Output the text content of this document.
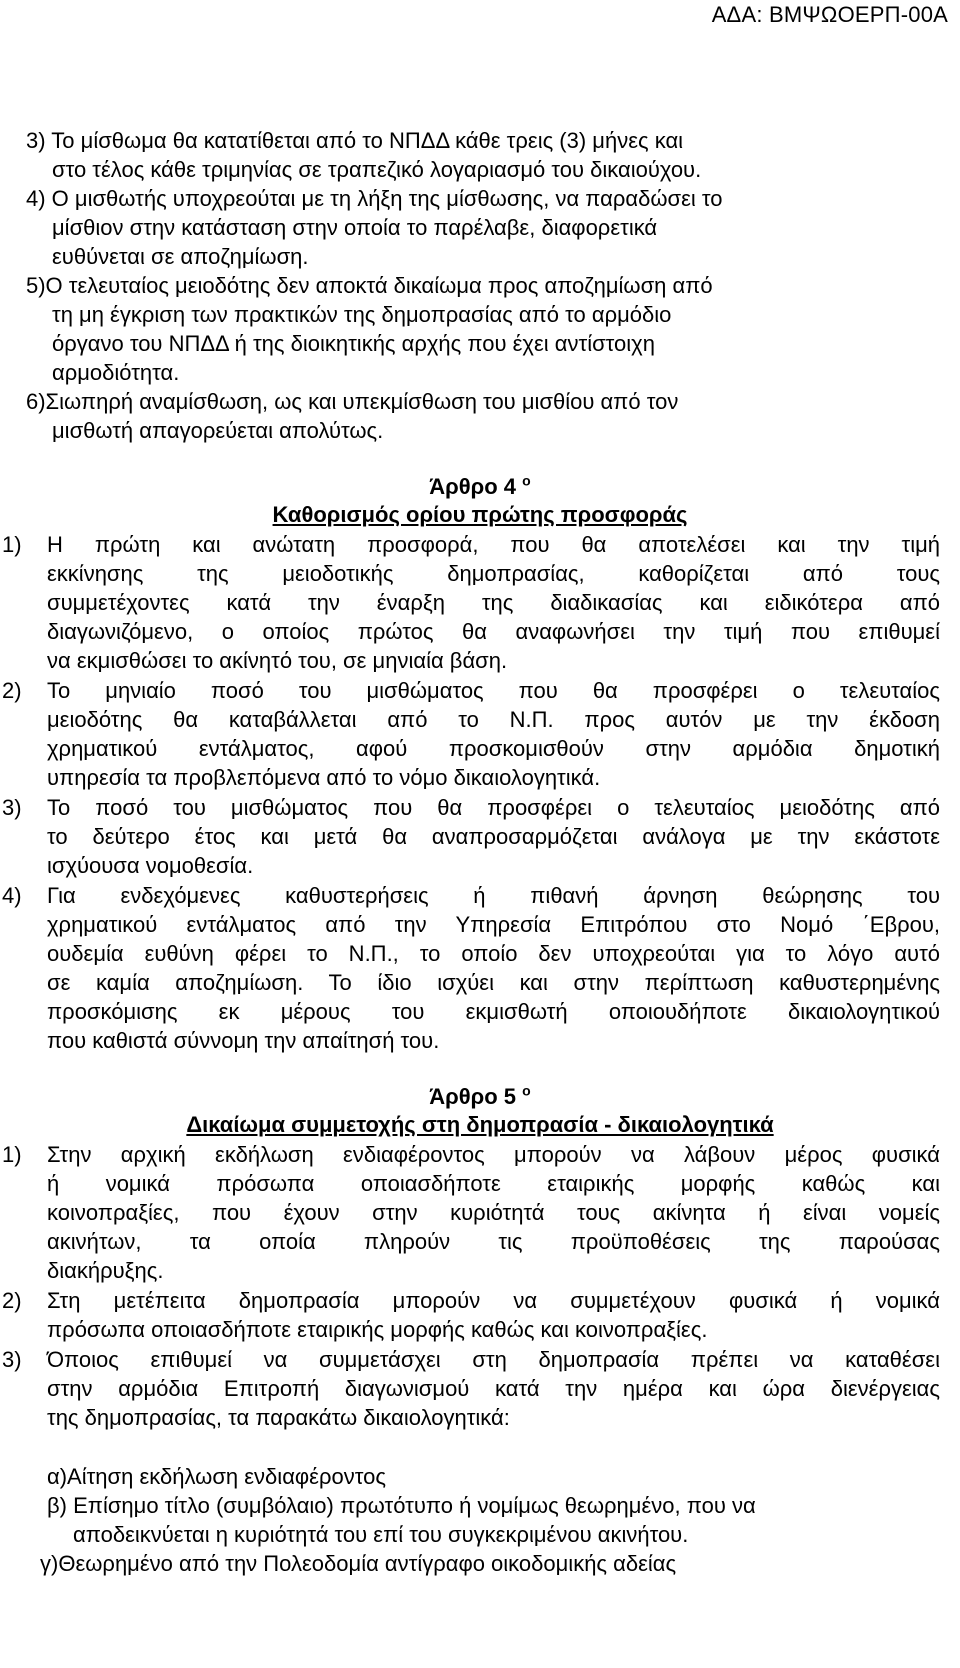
ΑΔΑ: ΒΜΨΩΟΕΡΠ-00Α
3) Το μίσθωμα θα κατατίθεται από το ΝΠΔΔ κάθε τρεις (3) μήνες και
στο τέλος κάθε τριμηνίας σε τραπεζικό λογαριασμό του δικαιούχου.
4) Ο μισθωτής υποχρεούται με τη λήξη της μίσθωσης, να παραδώσει το
μίσθιον στην κατάσταση στην οποία το παρέλαβε, διαφορετικά
ευθύνεται σε αποζημίωση.
5)Ο τελευταίος μειοδότης δεν αποκτά δικαίωμα προς αποζημίωση από
τη μη έγκριση των πρακτικών της δημοπρασίας από το αρμόδιο
όργανο του ΝΠΔΔ ή της διοικητικής αρχής που έχει αντίστοιχη
αρμοδιότητα.
6)Σιωπηρή αναμίσθωση, ως και υπεκμίσθωση του μισθίου από τον
μισθωτή απαγορεύεται απολύτως.
Άρθρο 4 $^o$
Καθορισμός ορίου πρώτης προσφοράς
1) Η πρώτη και ανώτατη προσφορά, που θα αποτελέσει και την τιμή
εκκίνησης της μειοδοτικής δημοπρασίας, καθορίζεται από τους
συμμετέχοντες κατά την έναρξη της διαδικασίας και ειδικότερα από
διαγωνιζόμενο, ο οποίος πρώτος θα αναφωνήσει την τιμή που επιθυμεί
να εκμισθώσει το ακίνητό του, σε μηνιαία βάση.
2) Το μηνιαίο ποσό του μισθώματος που θα προσφέρει ο τελευταίος
μειοδότης θα καταβάλλεται από το Ν.Π. προς αυτόν με την έκδοση
χρηματικού εντάλματος, αφού προσκομισθούν στην αρμόδια δημοτική
υπηρεσία τα προβλεπόμενα από το νόμο δικαιολογητικά.
3) Το ποσό του μισθώματος που θα προσφέρει ο τελευταίος μειοδότης από
το δεύτερο έτος και μετά θα αναπροσαρμόζεται ανάλογα με την εκάστοτε
ισχύουσα νομοθεσία.
4) Για ενδεχόμενες καθυστερήσεις ή πιθανή άρνηση θεώρησης του
χρηματικού εντάλματος από την Υπηρεσία Επιτρόπου στο Νομό ΄Εβρου,
ουδεμία ευθύνη φέρει το Ν.Π., το οποίο δεν υποχρεούται για το λόγο αυτό
σε καμία αποζημίωση. Το ίδιο ισχύει και στην περίπτωση καθυστερημένης
προσκόμισης εκ μέρους του εκμισθωτή οποιουδήποτε δικαιολογητικού
που καθιστά σύννομη την απαίτησή του.
Άρθρο 5 $^o$
Δικαίωμα συμμετοχής στη δημοπρασία - δικαιολογητικά
1) Στην αρχική εκδήλωση ενδιαφέροντος μπορούν να λάβουν μέρος φυσικά
ή νομικά πρόσωπα οποιασδήποτε εταιρικής μορφής καθώς και
κοινοπραξίες, που έχουν στην κυριότητά τους ακίνητα ή είναι νομείς
ακινήτων, τα οποία πληρούν τις προϋποθέσεις της παρούσας
διακήρυξης.
2) Στη μετέπειτα δημοπρασία μπορούν να συμμετέχουν φυσικά ή νομικά
πρόσωπα οποιασδήποτε εταιρικής μορφής καθώς και κοινοπραξίες.
3) Όποιος επιθυμεί να συμμετάσχει στη δημοπρασία πρέπει να καταθέσει
στην αρμόδια Επιτροπή διαγωνισμού κατά την ημέρα και ώρα διενέργειας
της δημοπρασίας, τα παρακάτω δικαιολογητικά:
α)Αίτηση εκδήλωση ενδιαφέροντος
β) Επίσημο τίτλο (συμβόλαιο) πρωτότυπο ή νομίμως θεωρημένο, που να
αποδεικνύεται η κυριότητά του επί του συγκεκριμένου ακινήτου.
γ)Θεωρημένο από την Πολεοδομία αντίγραφο οικοδομικής αδείας
